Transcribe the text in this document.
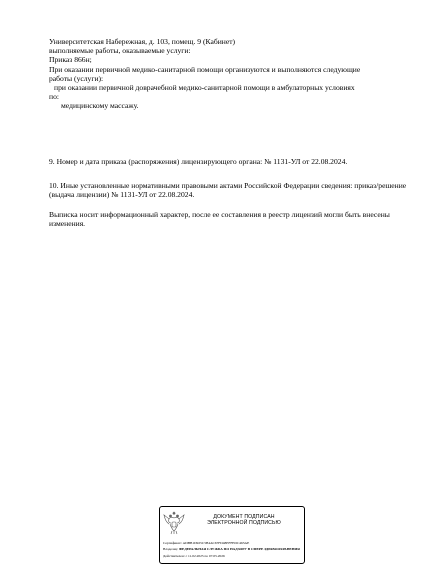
Университетская Набережная, д. 103, помещ. 9 (Кабинет)
выполняемые работы, оказываемые услуги:
Приказ 866н;
При оказании первичной медико-санитарной помощи организуются и выполняются следующие
работы (услуги):
при оказании первичной доврачебной медико-санитарной помощи в амбулаторных условиях
по:
медицинскому массажу.
9. Номер и дата приказа (распоряжения) лицензирующего органа: № 1131-УЛ от 22.08.2024.
10. Иные установленные нормативными правовыми актами Российской Федерации сведения: приказ/решение (выдача лицензии) № 1131-УЛ от 22.08.2024.
Выписка носит информационный характер, после ее составления в реестр лицензий могли быть внесены изменения.
ДОКУМЕНТ ПОДПИСАН
ЭЛЕКТРОННОЙ ПОДПИСЬЮ
Сертификат: АDВВ1D925С5В4АС67FD48EFFEDС463АЕ
Владелец: ФЕДЕРАЛЬНАЯ СЛУЖБА ПО НАДЗОРУ В СФЕРЕ ЗДРАВООХРАНЕНИЯ
Действителен: с 11.02.2025 по 07.05.2026
